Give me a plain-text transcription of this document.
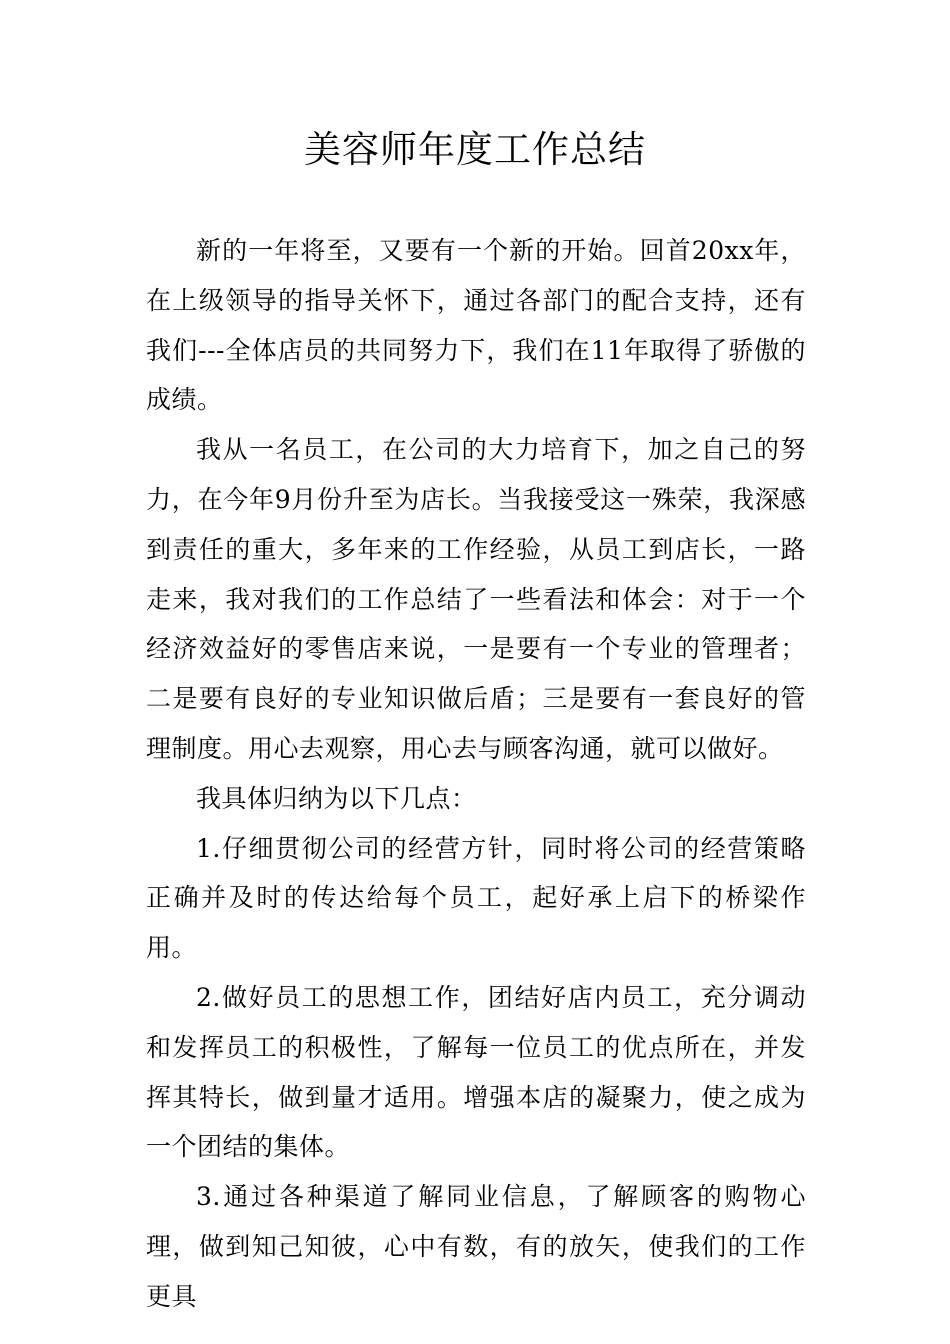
美容师年度工作总结

新的一年将至，又要有一个新的开始。回首20xx年，在上级领导的指导关怀下，通过各部门的配合支持，还有我们---全体店员的共同努力下，我们在11年取得了骄傲的成绩。

我从一名员工，在公司的大力培育下，加之自己的努力，在今年9月份升至为店长。当我接受这一殊荣，我深感到责任的重大，多年来的工作经验，从员工到店长，一路走来，我对我们的工作总结了一些看法和体会：对于一个经济效益好的零售店来说，一是要有一个专业的管理者；二是要有良好的专业知识做后盾；三是要有一套良好的管理制度。用心去观察，用心去与顾客沟通，就可以做好。

我具体归纳为以下几点：

1.仔细贯彻公司的经营方针，同时将公司的经营策略正确并及时的传达给每个员工，起好承上启下的桥梁作用。

2.做好员工的思想工作，团结好店内员工，充分调动和发挥员工的积极性，了解每一位员工的优点所在，并发挥其特长，做到量才适用。增强本店的凝聚力，使之成为一个团结的集体。

3.通过各种渠道了解同业信息，了解顾客的购物心理，做到知己知彼，心中有数，有的放矢，使我们的工作更具
